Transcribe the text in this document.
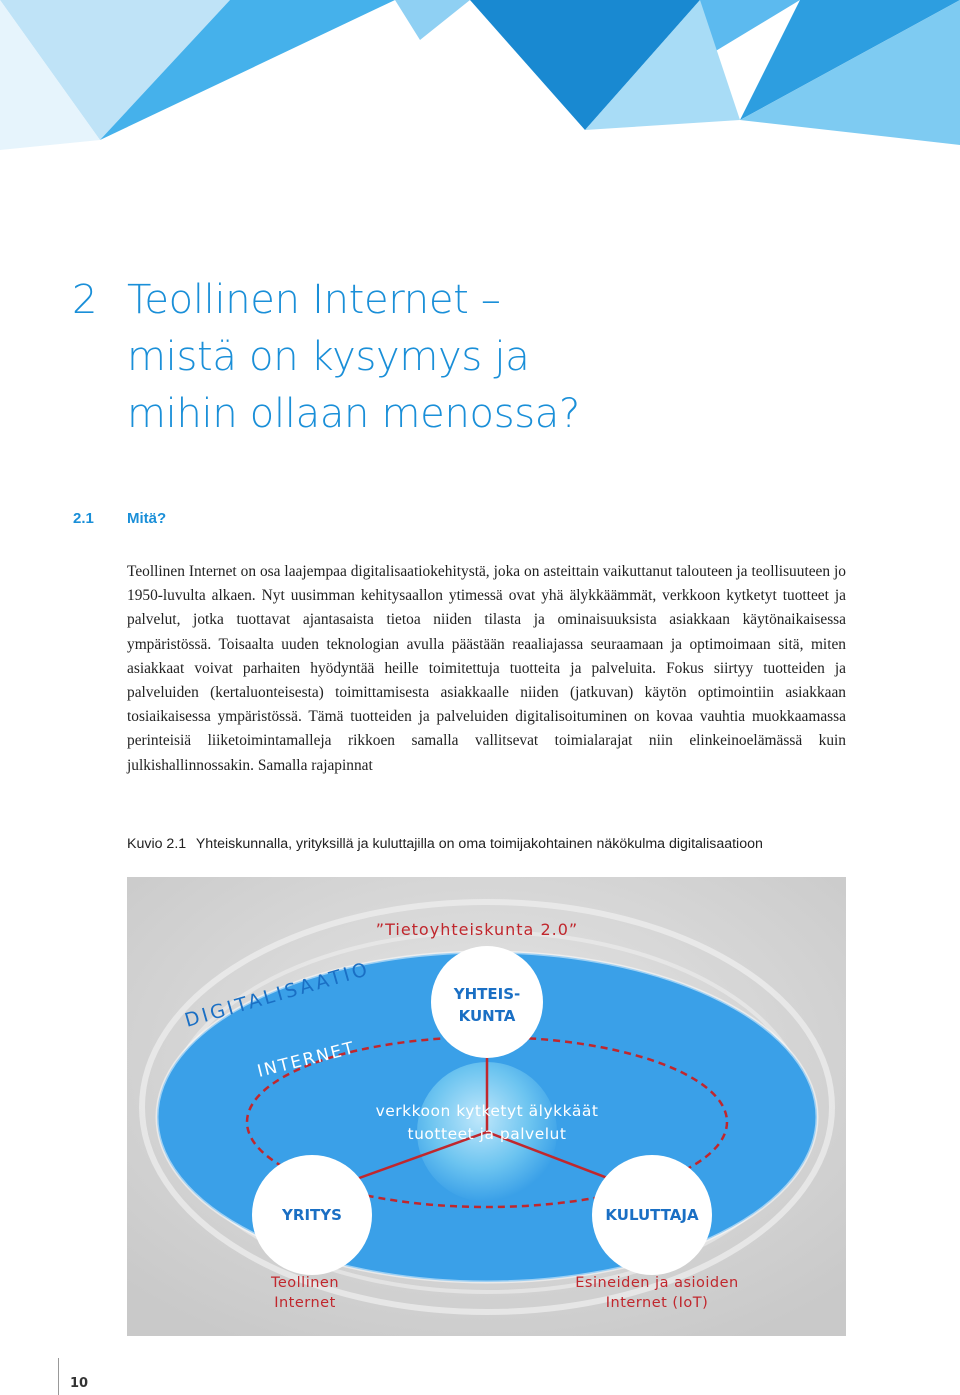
2 Teollinen Internet –
mistä on kysymys ja
mihin ollaan menossa?
2.1 Mitä?

Teollinen Internet on osa laajempaa digitalisaatiokehitystä, joka on asteittain vaikuttanut talouteen ja teollisuuteen jo 1950-luvulta alkaen. Nyt uusimman kehitysaallon ytimessä ovat yhä älykkäämmät, verkkoon kytketyt tuotteet ja palvelut, jotka tuottavat ajantasaista tietoa niiden tilasta ja ominaisuuksista asiakkaan käytönaikaisessa ympäristössä. Toisaalta uuden teknologian avulla päästään reaaliajassa seuraamaan ja optimoimaan sitä, miten asiakkaat voivat parhaiten hyödyntää heille toimitettuja tuotteita ja palveluita. Fokus siirtyy tuotteiden ja palveluiden (kertaluonteisesta) toimittamisesta asiakkaalle niiden (jatkuvan) käytön optimointiin asiakkaan tosiaikaisessa ympäristössä. Tämä tuotteiden ja palveluiden digitalisoituminen on kovaa vauhtia muokkaamassa perinteisiä liiketoimintamalleja rikkoen samalla vallitsevat toimialarajat niin elinkeinoelämässä kuin julkishallinnossakin. Samalla rajapinnat

Kuvio 2.1 Yhteiskunnalla, yrityksillä ja kuluttajilla on oma toimijakohtainen näkökulma digitalisaatioon
”Tietoyhteiskunta 2.0”
DIGITALISAATIO
INTERNET
YHTEIS-
KUNTA
verkkoon kytketyt älykkäät
tuotteet ja palvelut
YRITYS	KULUTTAJA
Teollinen
Internet
Esineiden ja asioiden
Internet (IoT)
10
